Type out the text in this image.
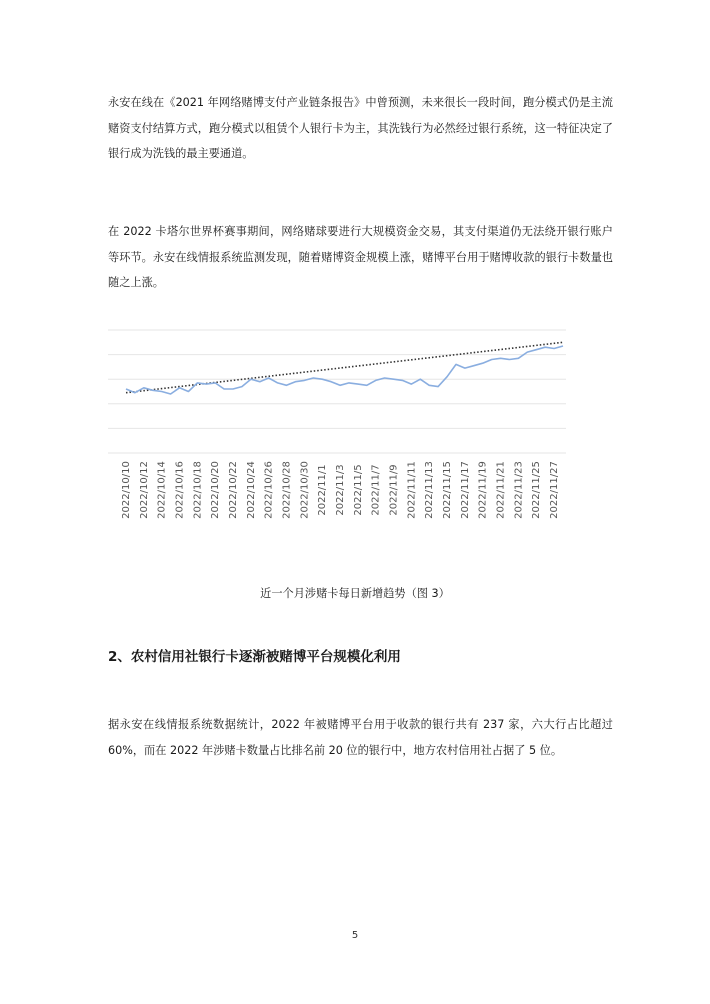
永安在线在《2021 年网络赌博支付产业链条报告》中曾预测，未来很长一段时间，跑分模式仍是主流赌资支付结算方式，跑分模式以租赁个人银行卡为主，其洗钱行为必然经过银行系统，这一特征决定了银行成为洗钱的最主要通道。

在 2022 卡塔尔世界杯赛事期间，网络赌球要进行大规模资金交易，其支付渠道仍无法绕开银行账户等环节。永安在线情报系统监测发现，随着赌博资金规模上涨，赌博平台用于赌博收款的银行卡数量也随之上涨。

2022/10/10 2022/10/12 2022/10/14 2022/10/16 2022/10/18 2022/10/20 2022/10/22 2022/10/24 2022/10/26 2022/10/28 2022/10/30 2022/11/1 2022/11/3 2022/11/5 2022/11/7 2022/11/9 2022/11/11 2022/11/13 2022/11/15 2022/11/17 2022/11/19 2022/11/21 2022/11/23 2022/11/25 2022/11/27

近一个月涉赌卡每日新增趋势（图 3）

2、农村信用社银行卡逐渐被赌博平台规模化利用

据永安在线情报系统数据统计，2022 年被赌博平台用于收款的银行共有 237 家，六大行占比超过 60%，而在 2022 年涉赌卡数量占比排名前 20 位的银行中，地方农村信用社占据了 5 位。

5
